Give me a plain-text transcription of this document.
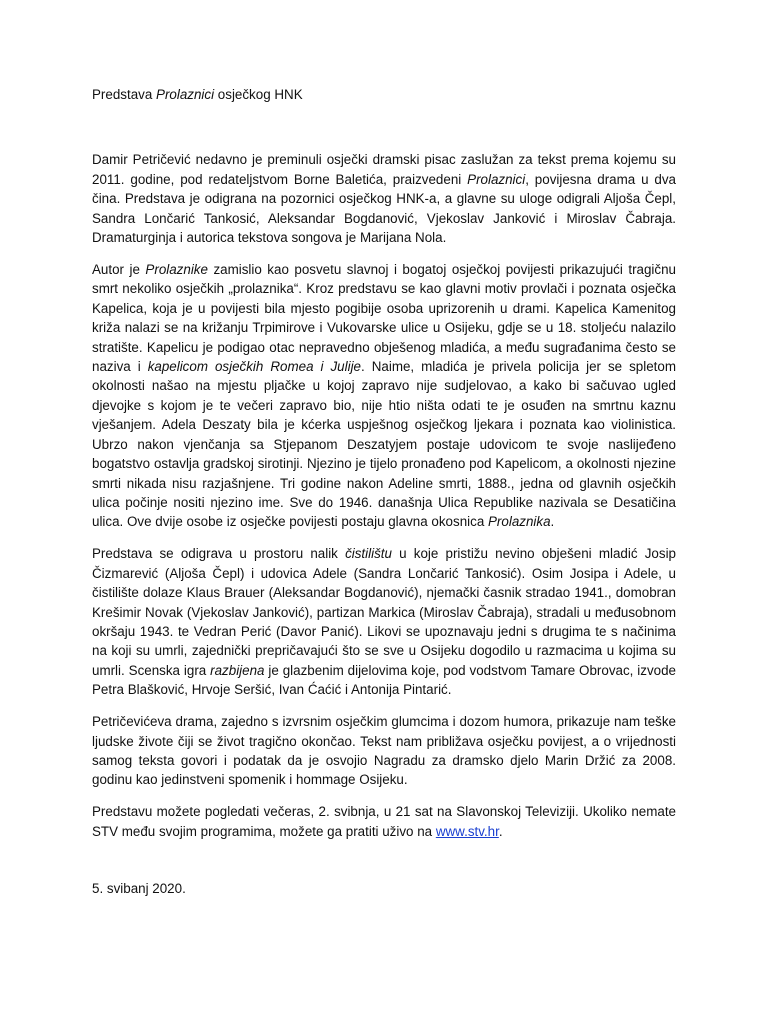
Predstava Prolaznici osječkog HNK

Damir Petričević nedavno je preminuli osječki dramski pisac zaslužan za tekst prema kojemu su 2011. godine, pod redateljstvom Borne Baletića, praizvedeni Prolaznici, povijesna drama u dva čina. Predstava je odigrana na pozornici osječkog HNK-a, a glavne su uloge odigrali Aljoša Čepl, Sandra Lončarić Tankosić, Aleksandar Bogdanović, Vjekoslav Janković i Miroslav Čabraja. Dramaturginja i autorica tekstova songova je Marijana Nola.

Autor je Prolaznike zamislio kao posvetu slavnoj i bogatoj osječkoj povijesti prikazujući tragičnu smrt nekoliko osječkih „prolaznika“. Kroz predstavu se kao glavni motiv provlači i poznata osječka Kapelica, koja je u povijesti bila mjesto pogibije osoba uprizorenih u drami. Kapelica Kamenitog križa nalazi se na križanju Trpimirove i Vukovarske ulice u Osijeku, gdje se u 18. stoljeću nalazilo stratište. Kapelicu je podigao otac nepravedno obješenog mladića, a među sugrađanima često se naziva i kapelicom osječkih Romea i Julije. Naime, mladića je privela policija jer se spletom okolnosti našao na mjestu pljačke u kojoj zapravo nije sudjelovao, a kako bi sačuvao ugled djevojke s kojom je te večeri zapravo bio, nije htio ništa odati te je osuđen na smrtnu kaznu vješanjem. Adela Deszaty bila je kćerka uspješnog osječkog ljekara i poznata kao violinistica. Ubrzo nakon vjenčanja sa Stjepanom Deszatyjem postaje udovicom te svoje naslijeđeno bogatstvo ostavlja gradskoj sirotinji. Njezino je tijelo pronađeno pod Kapelicom, a okolnosti njezine smrti nikada nisu razjašnjene. Tri godine nakon Adeline smrti, 1888., jedna od glavnih osječkih ulica počinje nositi njezino ime. Sve do 1946. današnja Ulica Republike nazivala se Desatičina ulica. Ove dvije osobe iz osječke povijesti postaju glavna okosnica Prolaznika.

Predstava se odigrava u prostoru nalik čistilištu u koje pristižu nevino obješeni mladić Josip Čizmarević (Aljoša Čepl) i udovica Adele (Sandra Lončarić Tankosić). Osim Josipa i Adele, u čistilište dolaze Klaus Brauer (Aleksandar Bogdanović), njemački časnik stradao 1941., domobran Krešimir Novak (Vjekoslav Janković), partizan Markica (Miroslav Čabraja), stradali u međusobnom okršaju 1943. te Vedran Perić (Davor Panić). Likovi se upoznavaju jedni s drugima te s načinima na koji su umrli, zajednički prepričavajući što se sve u Osijeku dogodilo u razmacima u kojima su umrli. Scenska igra razbijena je glazbenim dijelovima koje, pod vodstvom Tamare Obrovac, izvode Petra Blašković, Hrvoje Seršić, Ivan Ćaćić i Antonija Pintarić.

Petričevićeva drama, zajedno s izvrsnim osječkim glumcima i dozom humora, prikazuje nam teške ljudske živote čiji se život tragično okončao. Tekst nam približava osječku povijest, a o vrijednosti samog teksta govori i podatak da je osvojio Nagradu za dramsko djelo Marin Držić za 2008. godinu kao jedinstveni spomenik i hommage Osijeku.

Predstavu možete pogledati večeras, 2. svibnja, u 21 sat na Slavonskoj Televiziji. Ukoliko nemate STV među svojim programima, možete ga pratiti uživo na www.stv.hr.

5. svibanj 2020.
